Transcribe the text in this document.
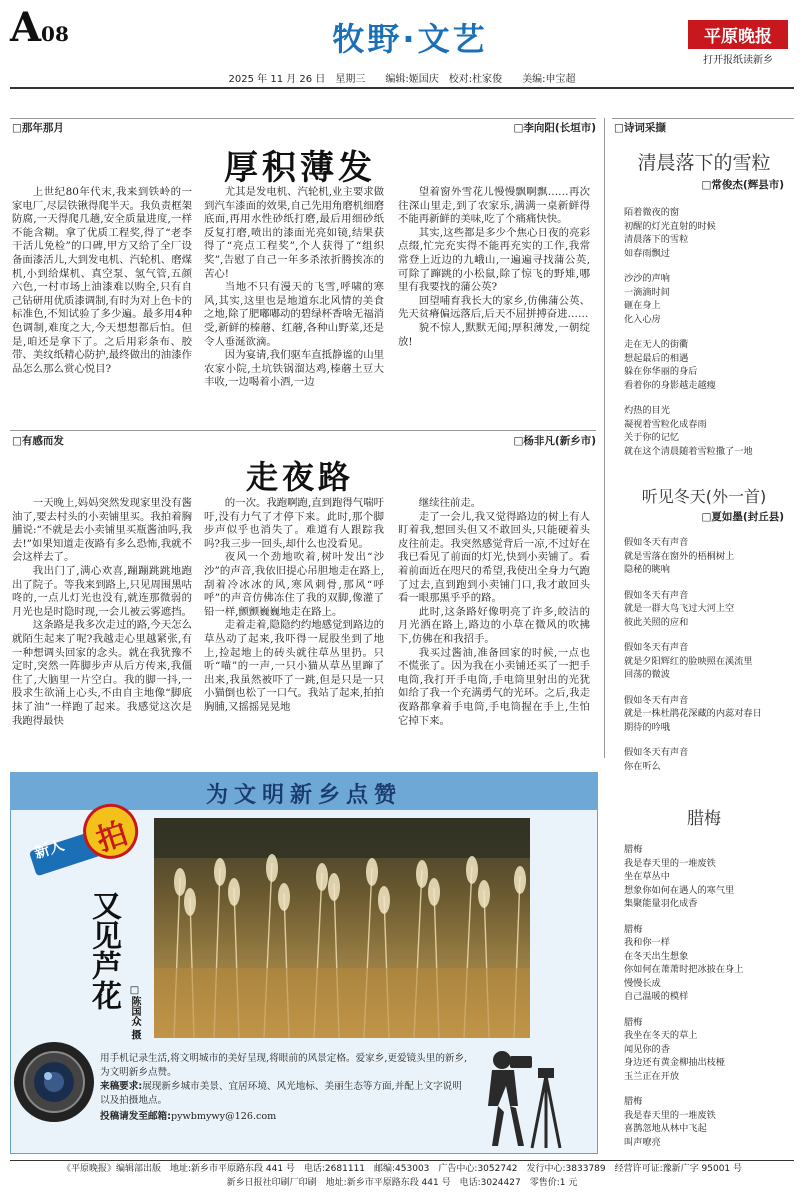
A08	牧野·文艺	平原晚报
打开报纸读新乡
2025 年 11 月 26 日　星期三　　编辑:姬国庆　校对:杜家俊　　美编:申宝超
□那年那月	□李向阳(长垣市)
厚积薄发

上世纪80年代末,我来到铁岭的一家电厂,尽层铁锹得爬半天。我负责框架防腐,一天得爬几趟,安全质量进度,一样不能含糊。拿了优质工程奖,得了“老李干活儿免检”的口碑,甲方又给了全厂设备面漆活儿,大到发电机、汽轮机、磨煤机,小到给煤机、真空泵、氢气管,五颜六色,一村市场上油漆难以购全,只有自己钻研用优质漆调制,有时为对上色卡的标准色,不知试验了多少遍。最多用4种色调制,难度之大,今天想想都后怕。但是,咱还是拿下了。之后用彩条布、胶带、美纹纸精心防护,最终做出的油漆作品怎么那么赏心悦目?

尤其是发电机、汽轮机,业主要求做到汽车漆面的效果,自己先用角磨机细磨底面,再用水性砂纸打磨,最后用细砂纸反复打磨,喷出的漆面光亮如镜,结果获得了“亮点工程奖”,个人获得了“组织奖”,告慰了自己一年多杀浓折腾挨冻的苦心!

当地不只有漫天的飞雪,呼啸的寒风,其实,这里也是地道东北风情的美食之地,除了肥嘟嘟动的碧绿杯香啥无福消受,新鲜的榛蘑、红蘑,各种山野菜,还是令人垂涎欲滴。

因为宴请,我们驱车直抵静谧的山里农家小院,土坑铁锅溜达鸡,榛蘑土豆大丰收,一边喝着小酒,一边

望着窗外雪花儿慢慢飘啊飘……再次往深山里走,到了农家乐,满满一桌新鲜得不能再新鲜的美味,吃了个痛痛快快。

其实,这些都是多少个焦心日夜的亮彩点缀,忙完充实得不能再充实的工作,我常常登上近边的九峨山,一遍遍寻找蒲公英,可除了蹿跳的小松鼠,除了惊飞的野雉,哪里有我要找的蒲公英?

回望哺育我长大的家乡,仿佛蒲公英、先天贫瘠偏远落后,后天不屈拼搏奋进……

貌不惊人,默默无闻;厚积薄发,一朝绽放!

□有感而发	□杨非凡(新乡市)
走夜路

一天晚上,妈妈突然发现家里没有酱油了,要去村头的小卖铺里买。我拍着胸脯说:“不就是去小卖铺里买瓶酱油吗,我去!”如果知道走夜路有多么恐怖,我就不会这样去了。

我出门了,满心欢喜,蹦蹦跳跳地跑出了院子。等我来到路上,只见周围黑咕咚的,一点儿灯光也没有,就连那微弱的月光也是时隐时现,一会儿被云雾遮挡。

这条路是我多次走过的路,今天怎么就陌生起来了呢?我越走心里越紧张,有一种想调头回家的念头。就在我犹豫不定时,突然一阵脚步声从后方传来,我僵住了,大脑里一片空白。我的脚一抖,一股求生欲涌上心头,不由自主地像“脚底抹了油”一样跑了起来。我感觉这次是我跑得最快

的一次。我跑啊跑,直到跑得气喘吁吁,没有力气了才停下来。此时,那个脚步声似乎也消失了。难道有人跟踪我吗?我三步一回头,却什么也没看见。

夜风一个劲地吹着,树叶发出“沙沙”的声音,我依旧提心吊胆地走在路上,刮着冷冰冰的风,寒风刺骨,那风“呼呼”的声音仿佛冻住了我的双脚,像灌了铅一样,颤颤巍巍地走在路上。

走着走着,隐隐约约地感觉到路边的草丛动了起来,我吓得一屁股坐到了地上,捡起地上的砖头就往草丛里扔。只听“喵”的一声,一只小猫从草丛里蹿了出来,我虽然被吓了一跳,但是只是一只小猫倒也松了一口气。我站了起来,拍拍胸脯,又摇摇晃晃地

继续往前走。

走了一会儿,我又觉得路边的树上有人盯着我,想回头但又不敢回头,只能硬着头皮往前走。我突然感觉背后一凉,不过好在我已看见了前面的灯光,快到小卖铺了。看着前面近在咫尺的希望,我使出全身力气跑了过去,直到跑到小卖铺门口,我才敢回头看一眼那黑乎乎的路。

此时,这条路好像明亮了许多,皎洁的月光洒在路上,路边的小草在微风的吹拂下,仿佛在和我招手。

我买过酱油,准备回家的时候,一点也不慌张了。因为我在小卖铺还买了一把手电筒,我打开手电筒,手电筒里射出的光犹如给了我一个充满勇气的光环。之后,我走夜路都拿着手电筒,手电筒握在手上,生怕它掉下来。

□诗词采撷
清晨落下的雪粒
□常俊杰(辉县市)
陌着微夜的窗
初醒的灯光直射的时候
清晨落下的雪粒
如春雨飘过
沙沙的声响
一滴滴时间
砸在身上
化入心房
走在无人的街衢
想起最后的相遇
躲在你华丽的身后
看着你的身影越走越瘦
灼热的目光
凝视着雪粒化成春雨
关于你的记忆
就在这个清晨随着雪粒撒了一地
听见冬天(外一首)
□夏如墨(封丘县)
假如冬天有声音
就是雪落在窗外的梧桐树上
隐秘的眺响
假如冬天有声音
就是一群大鸟飞过大河上空
彼此关照的应和
假如冬天有声音
就是夕阳辉红的脸映照在溪流里
回荡的微波
假如冬天有声音
就是一株杜鹃花深藏的内蕊对春日
期待的吟哦
假如冬天有声音
你在听么
腊梅
腊梅
我是春天里的一堆废铁
坐在草丛中
想象你如何在遇人的寒气里
集聚能量羽化成香
腊梅
我和你一样
在冬天出生想象
你如何在萧萧时把冰披在身上
慢慢长成
自己温暖的模样
腊梅
我坐在冬天的草上
闻见你的香
身边还有黄金柳抽出枝桠
玉兰正在开放
腊梅
我是春天里的一堆废铁
喜鹊忽地从林中飞起
叫声嘹亮
为文明新乡点赞
新人 拍
又见芦花
□陈国众 摄
用手机记录生活,将文明城市的美好呈现,将眼前的风景定格。爱家乡,更爱镜头里的新乡,为文明新乡点赞。
来稿要求:展现新乡城市美景、宜居环境、风光地标、美丽生态等方面,并配上文字说明以及拍摄地点。
投稿请发至邮箱:pywbmywy@126.com
《平原晚报》编辑部出版　地址:新乡市平原路东段 441 号　电话:2681111　邮编:453003　广告中心:3052742　发行中心:3833789　经营许可证:豫新广字 95001 号
新乡日报社印刷厂印刷　地址:新乡市平原路东段 441 号　电话:3024427　零售价:1 元
